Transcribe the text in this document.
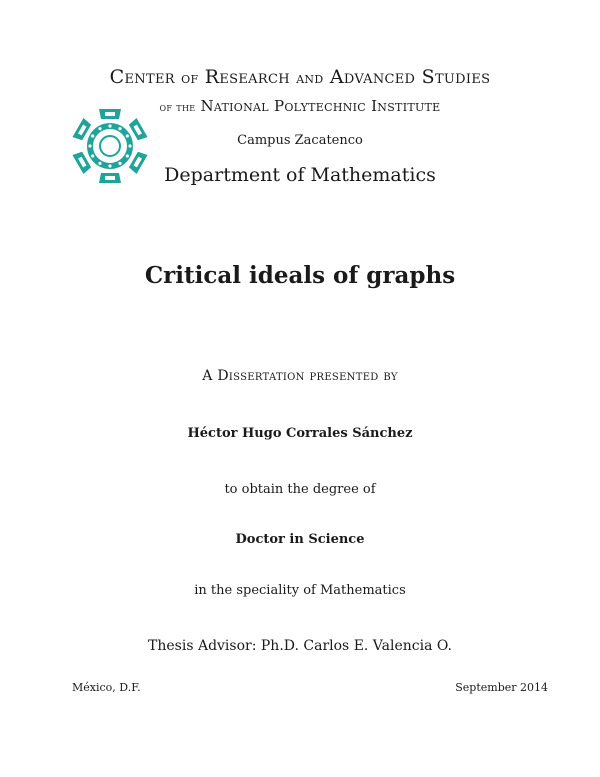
Center of Research and Advanced Studies
of the National Polytechnic Institute
Campus Zacatenco
Department of Mathematics
Critical ideals of graphs
A Dissertation presented by
Héctor Hugo Corrales Sánchez
to obtain the degree of
Doctor in Science
in the speciality of Mathematics
Thesis Advisor: Ph.D. Carlos E. Valencia O.
México, D.F.	September 2014
